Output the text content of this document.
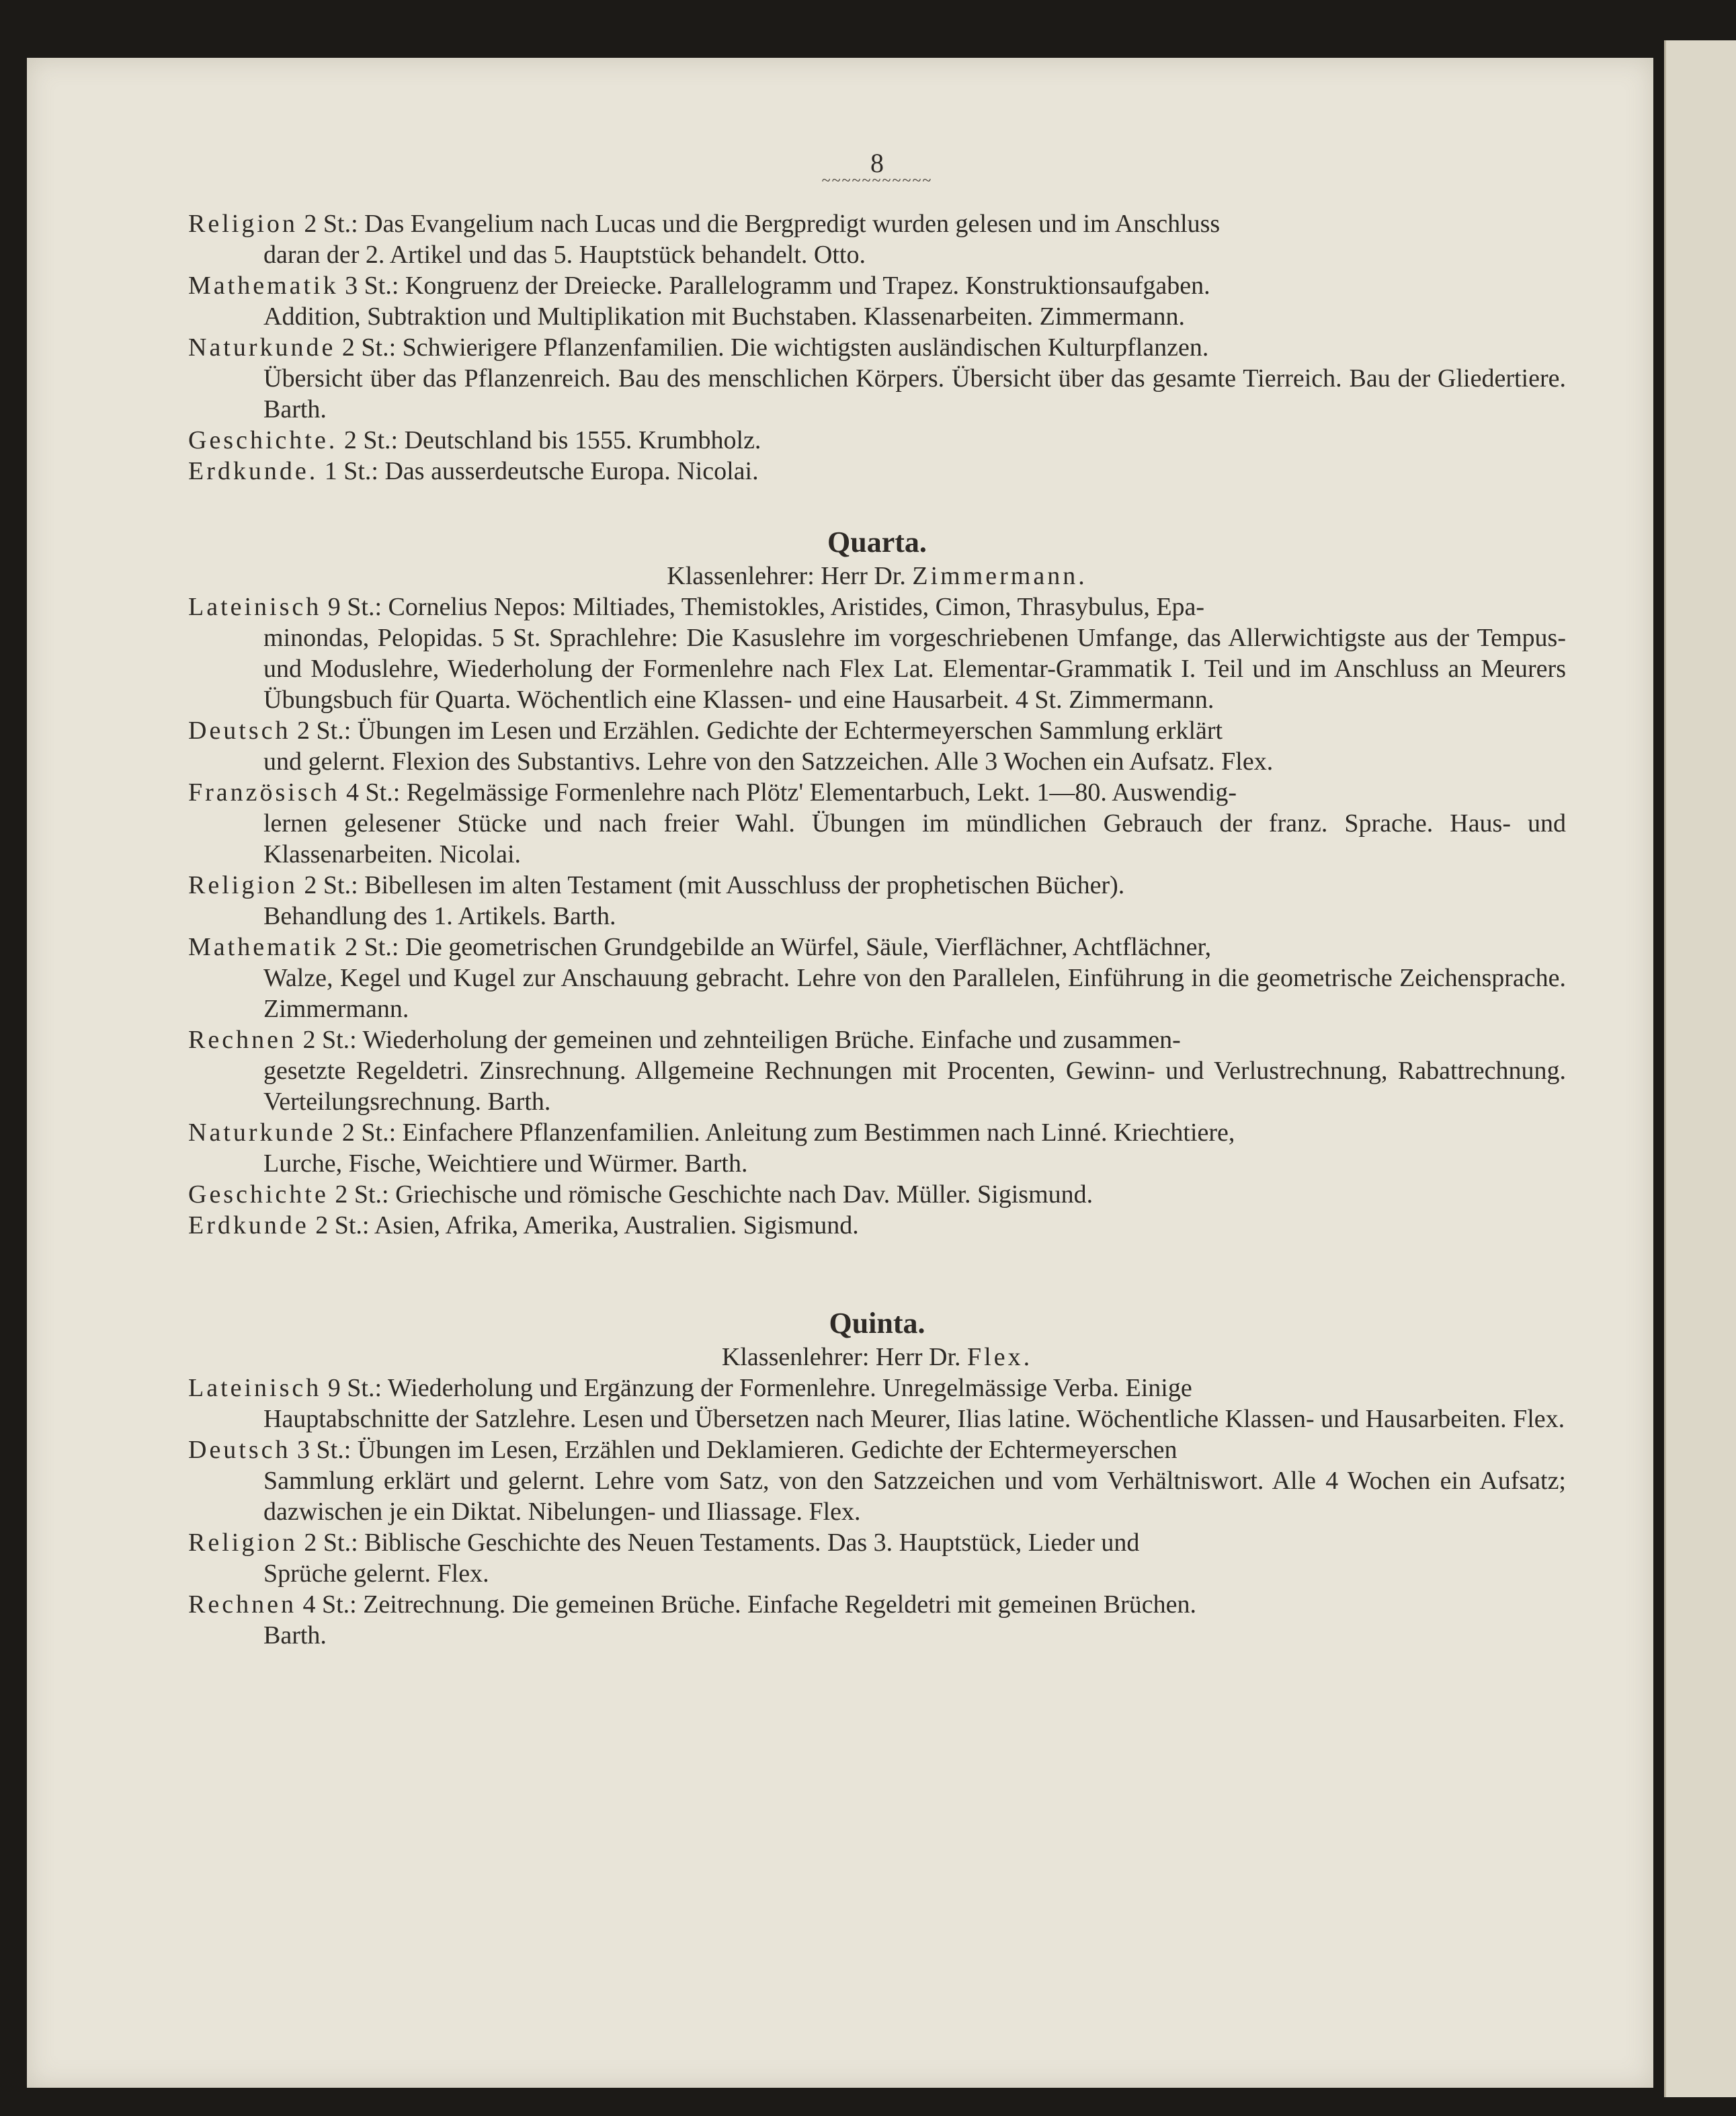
8
~~~~~~~~~~~
Religion 2 St.: Das Evangelium nach Lucas und die Bergpredigt wurden gelesen und im Anschluss
daran der 2. Artikel und das 5. Hauptstück behandelt. Otto.
Mathematik 3 St.: Kongruenz der Dreiecke. Parallelogramm und Trapez. Konstruktionsaufgaben.
Addition, Subtraktion und Multiplikation mit Buchstaben. Klassenarbeiten. Zimmermann.
Naturkunde 2 St.: Schwierigere Pflanzenfamilien. Die wichtigsten ausländischen Kulturpflanzen.
Übersicht über das Pflanzenreich. Bau des menschlichen Körpers. Übersicht über das gesamte Tierreich. Bau der Gliedertiere. Barth.
Geschichte. 2 St.: Deutschland bis 1555. Krumbholz.
Erdkunde. 1 St.: Das ausserdeutsche Europa. Nicolai.
Quarta.
Klassenlehrer: Herr Dr. Zimmermann.
Lateinisch 9 St.: Cornelius Nepos: Miltiades, Themistokles, Aristides, Cimon, Thrasybulus, Epa-
minondas, Pelopidas. 5 St. Sprachlehre: Die Kasuslehre im vorgeschriebenen Umfange, das Allerwichtigste aus der Tempus- und Moduslehre, Wiederholung der Formenlehre nach Flex Lat. Elementar-Grammatik I. Teil und im Anschluss an Meurers Übungsbuch für Quarta. Wöchentlich eine Klassen- und eine Hausarbeit. 4 St. Zimmermann.
Deutsch 2 St.: Übungen im Lesen und Erzählen. Gedichte der Echtermeyerschen Sammlung erklärt
und gelernt. Flexion des Substantivs. Lehre von den Satzzeichen. Alle 3 Wochen ein Aufsatz. Flex.
Französisch 4 St.: Regelmässige Formenlehre nach Plötz' Elementarbuch, Lekt. 1—80. Auswendig-
lernen gelesener Stücke und nach freier Wahl. Übungen im mündlichen Gebrauch der franz. Sprache. Haus- und Klassenarbeiten. Nicolai.
Religion 2 St.: Bibellesen im alten Testament (mit Ausschluss der prophetischen Bücher).
Behandlung des 1. Artikels. Barth.
Mathematik 2 St.: Die geometrischen Grundgebilde an Würfel, Säule, Vierflächner, Achtflächner,
Walze, Kegel und Kugel zur Anschauung gebracht. Lehre von den Parallelen, Einführung in die geometrische Zeichensprache. Zimmermann.
Rechnen 2 St.: Wiederholung der gemeinen und zehnteiligen Brüche. Einfache und zusammen-
gesetzte Regeldetri. Zinsrechnung. Allgemeine Rechnungen mit Procenten, Gewinn- und Verlustrechnung, Rabattrechnung. Verteilungsrechnung. Barth.
Naturkunde 2 St.: Einfachere Pflanzenfamilien. Anleitung zum Bestimmen nach Linné. Kriechtiere,
Lurche, Fische, Weichtiere und Würmer. Barth.
Geschichte 2 St.: Griechische und römische Geschichte nach Dav. Müller. Sigismund.
Erdkunde 2 St.: Asien, Afrika, Amerika, Australien. Sigismund.
Quinta.
Klassenlehrer: Herr Dr. Flex.
Lateinisch 9 St.: Wiederholung und Ergänzung der Formenlehre. Unregelmässige Verba. Einige
Hauptabschnitte der Satzlehre. Lesen und Übersetzen nach Meurer, Ilias latine. Wöchentliche Klassen- und Hausarbeiten. Flex.
Deutsch 3 St.: Übungen im Lesen, Erzählen und Deklamieren. Gedichte der Echtermeyerschen
Sammlung erklärt und gelernt. Lehre vom Satz, von den Satzzeichen und vom Verhältniswort. Alle 4 Wochen ein Aufsatz; dazwischen je ein Diktat. Nibelungen- und Iliassage. Flex.
Religion 2 St.: Biblische Geschichte des Neuen Testaments. Das 3. Hauptstück, Lieder und
Sprüche gelernt. Flex.
Rechnen 4 St.: Zeitrechnung. Die gemeinen Brüche. Einfache Regeldetri mit gemeinen Brüchen.
Barth.
